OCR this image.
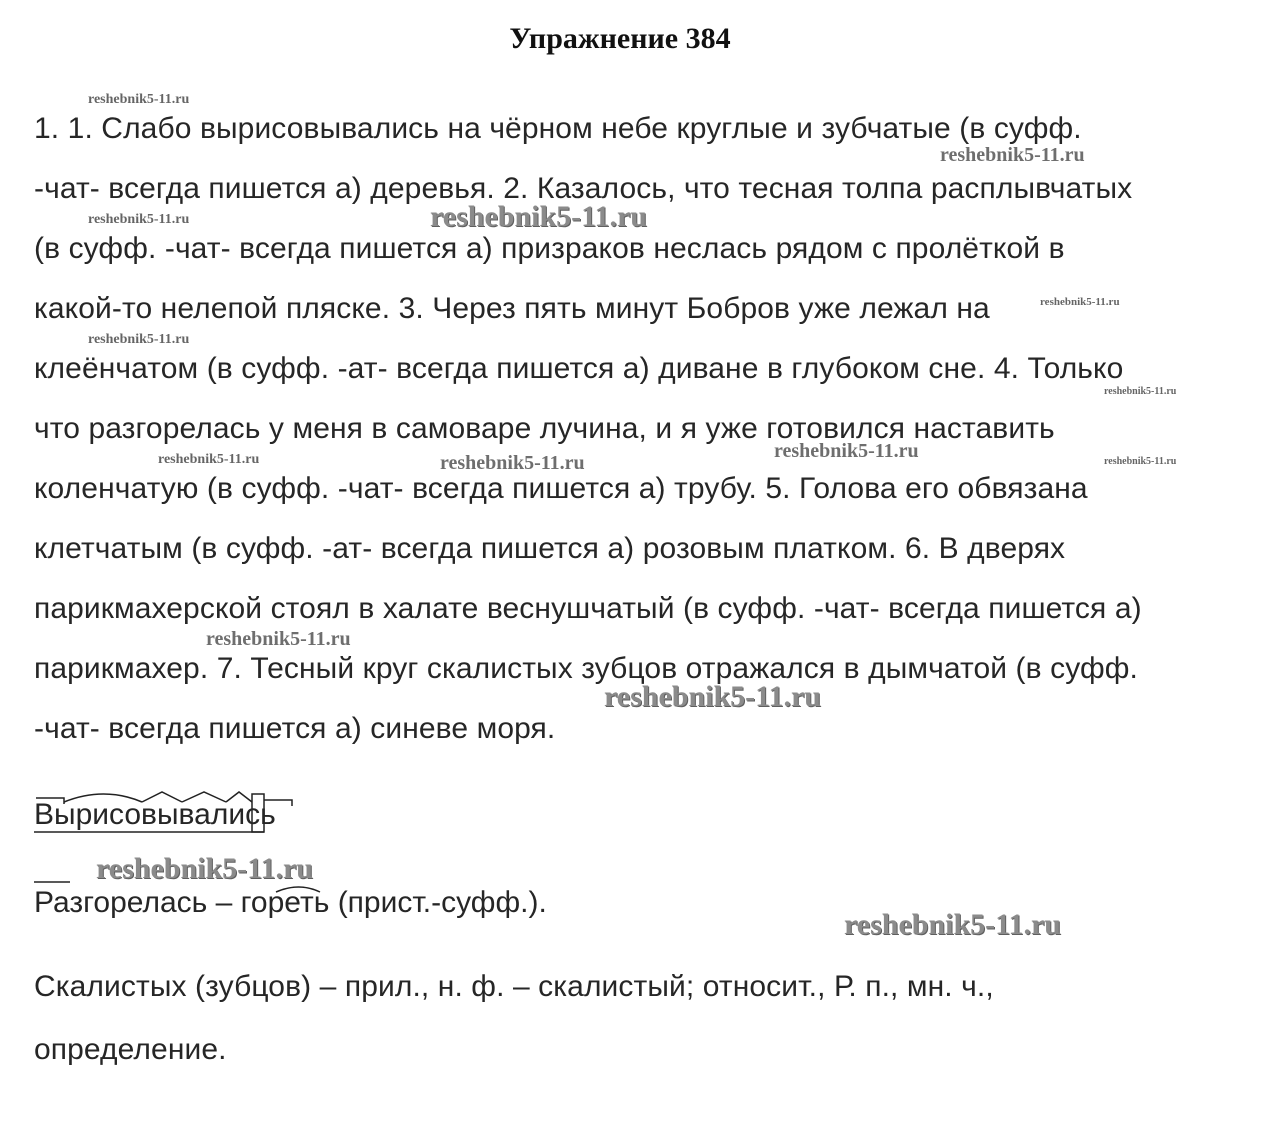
Упражнение 384
1. 1. Слабо вырисовывались на чёрном небе круглые и зубчатые (в суфф.
-чат- всегда пишется а) деревья. 2. Казалось, что тесная толпа расплывчатых
(в суфф. -чат- всегда пишется а) призраков неслась рядом с пролёткой в
какой-то нелепой пляске. 3. Через пять минут Бобров уже лежал на
клеёнчатом (в суфф. -ат- всегда пишется а) диване в глубоком сне. 4. Только
что разгорелась у меня в самоваре лучина, и я уже готовился наставить
коленчатую (в суфф. -чат- всегда пишется а) трубу. 5. Голова его обвязана
клетчатым (в суфф. -ат- всегда пишется а) розовым платком. 6. В дверях
парикмахерской стоял в халате веснушчатый (в суфф. -чат- всегда пишется а)
парикмахер. 7. Тесный круг скалистых зубцов отражался в дымчатой (в суфф.
-чат- всегда пишется а) синеве моря.
Вырисовывались
Разгорелась – гореть (прист.-суфф.).
Скалистых (зубцов) – прил., н. ф. – скалистый; относит., Р. п., мн. ч.,
определение.
reshebnik5-11.ru
reshebnik5-11.ru
reshebnik5-11.ru	reshebnik5-11.ru
reshebnik5-11.ru
reshebnik5-11.ru
reshebnik5-11.ru
reshebnik5-11.ru	reshebnik5-11.ru
reshebnik5-11.ru	reshebnik5-11.ru
reshebnik5-11.ru
reshebnik5-11.ru
reshebnik5-11.ru
reshebnik5-11.ru
